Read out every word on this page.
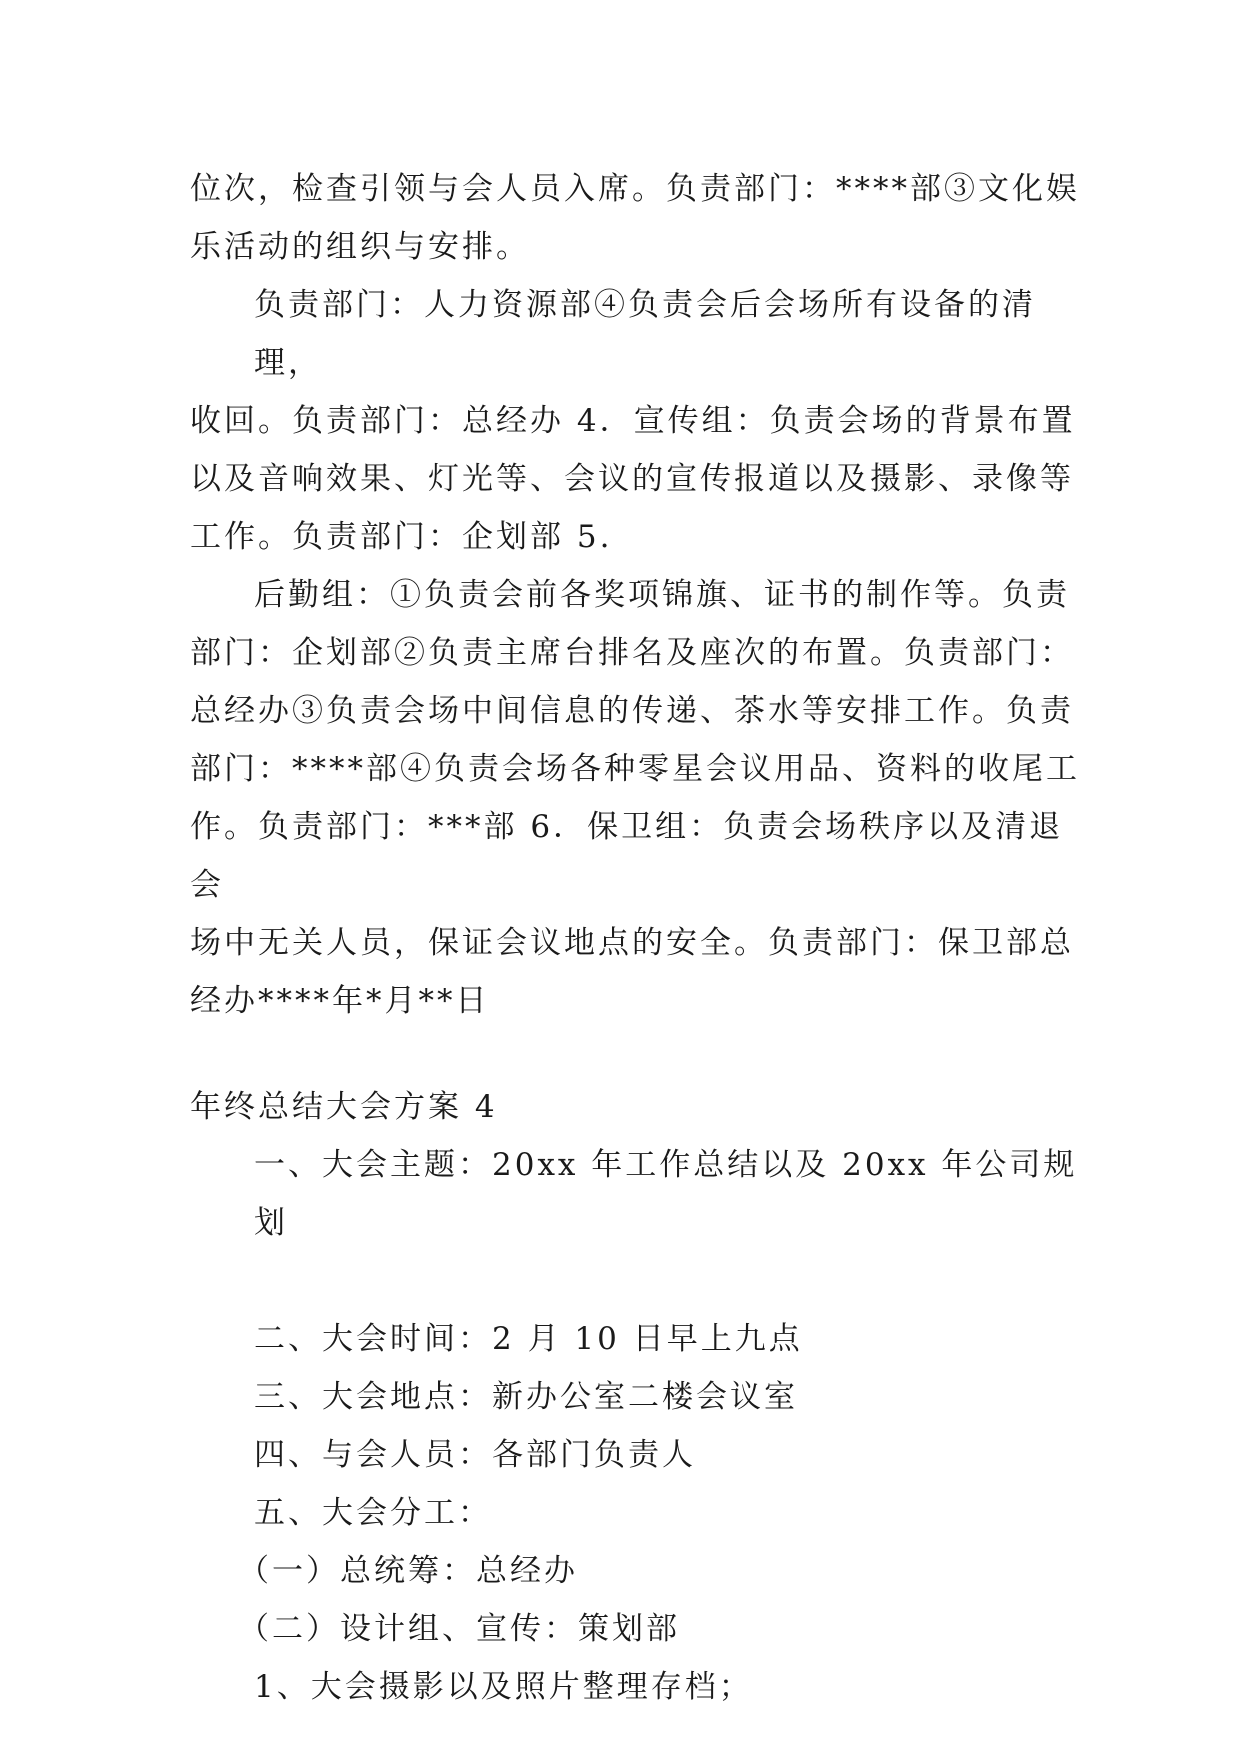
位次，检查引领与会人员入席。负责部门：****部③文化娱
乐活动的组织与安排。

负责部门：人力资源部④负责会后会场所有设备的清理，
收回。负责部门：总经办 4．宣传组：负责会场的背景布置
以及音响效果、灯光等、会议的宣传报道以及摄影、录像等
工作。负责部门：企划部 5.

后勤组：①负责会前各奖项锦旗、证书的制作等。负责
部门：企划部②负责主席台排名及座次的布置。负责部门：
总经办③负责会场中间信息的传递、茶水等安排工作。负责
部门：****部④负责会场各种零星会议用品、资料的收尾工
作。负责部门：***部 6．保卫组：负责会场秩序以及清退会
场中无关人员，保证会议地点的安全。负责部门：保卫部总
经办****年*月**日

年终总结大会方案 4

一、大会主题：20xx 年工作总结以及 20xx 年公司规划

二、大会时间：2 月 10 日早上九点

三、大会地点：新办公室二楼会议室

四、与会人员：各部门负责人

五、大会分工：

（一）总统筹：总经办

（二）设计组、宣传：策划部

1、大会摄影以及照片整理存档；
